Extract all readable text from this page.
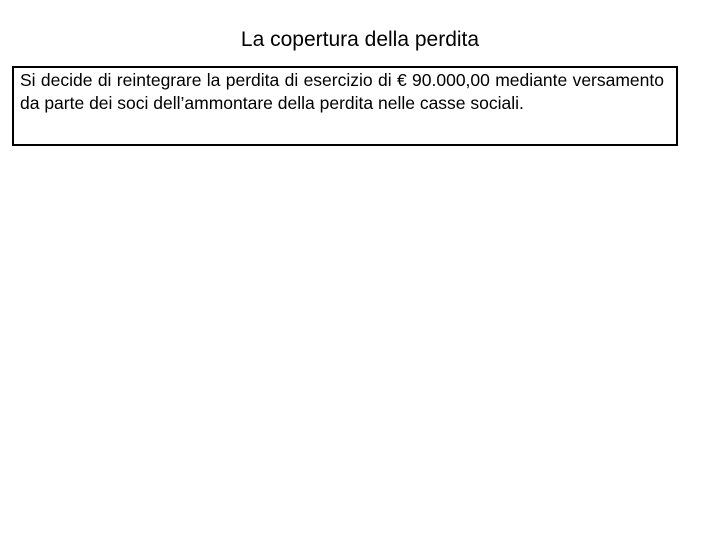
La copertura della perdita
Si decide di reintegrare la perdita di esercizio di € 90.000,00 mediante versamento da parte dei soci dell’ammontare della perdita nelle casse sociali.
